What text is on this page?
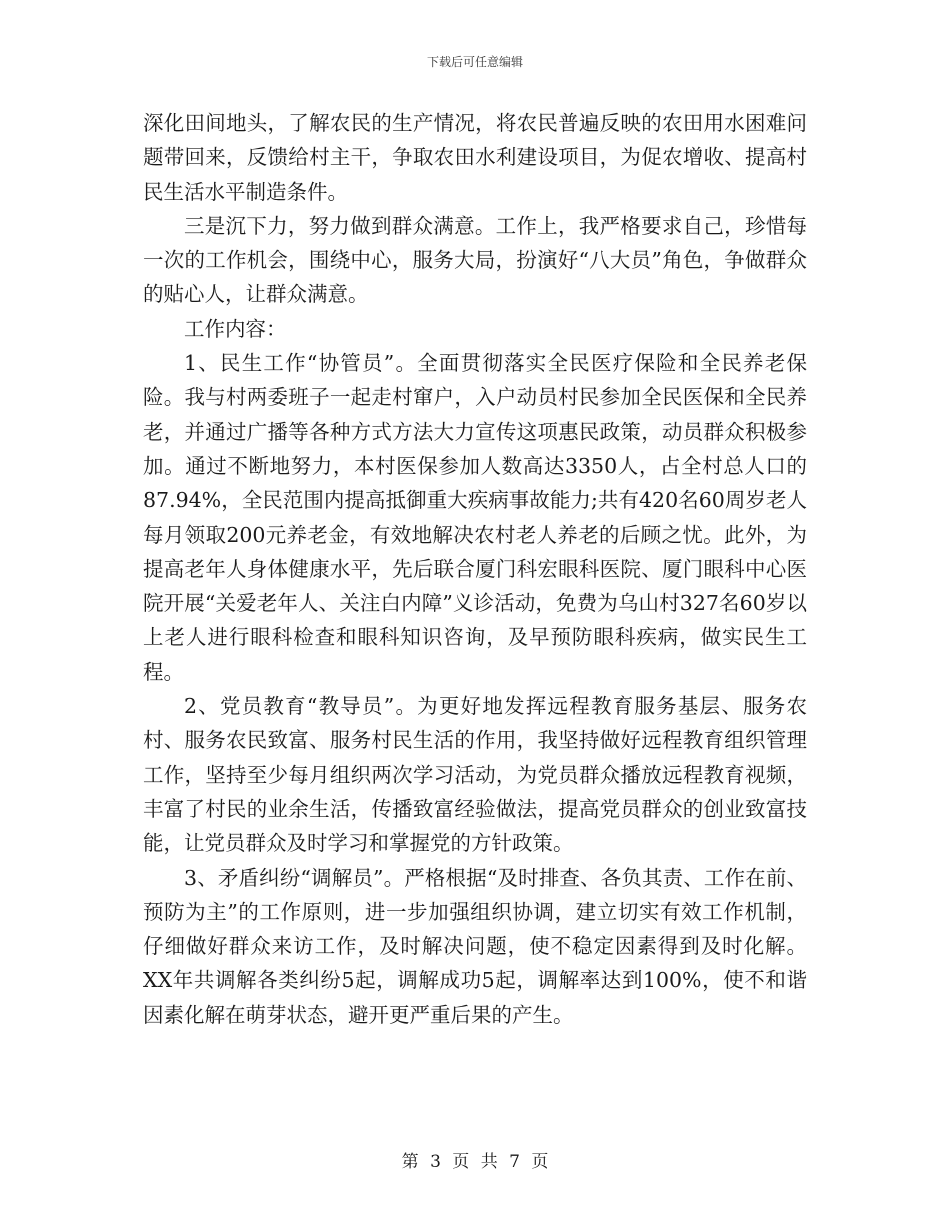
下载后可任意编辑

深化田间地头，了解农民的生产情况，将农民普遍反映的农田用水困难问题带回来，反馈给村主干，争取农田水利建设项目，为促农增收、提高村民生活水平制造条件。

三是沉下力，努力做到群众满意。工作上，我严格要求自己，珍惜每一次的工作机会，围绕中心，服务大局，扮演好“八大员”角色，争做群众的贴心人，让群众满意。

工作内容：

1、民生工作“协管员”。全面贯彻落实全民医疗保险和全民养老保险。我与村两委班子一起走村窜户，入户动员村民参加全民医保和全民养老，并通过广播等各种方式方法大力宣传这项惠民政策，动员群众积极参加。通过不断地努力，本村医保参加人数高达3350人，占全村总人口的87.94%，全民范围内提高抵御重大疾病事故能力;共有420名60周岁老人每月领取200元养老金，有效地解决农村老人养老的后顾之忧。此外，为提高老年人身体健康水平，先后联合厦门科宏眼科医院、厦门眼科中心医院开展“关爱老年人、关注白内障”义诊活动，免费为乌山村327名60岁以上老人进行眼科检查和眼科知识咨询，及早预防眼科疾病，做实民生工程。

2、党员教育“教导员”。为更好地发挥远程教育服务基层、服务农村、服务农民致富、服务村民生活的作用，我坚持做好远程教育组织管理工作，坚持至少每月组织两次学习活动，为党员群众播放远程教育视频，丰富了村民的业余生活，传播致富经验做法，提高党员群众的创业致富技能，让党员群众及时学习和掌握党的方针政策。

3、矛盾纠纷“调解员”。严格根据“及时排查、各负其责、工作在前、预防为主”的工作原则，进一步加强组织协调，建立切实有效工作机制，仔细做好群众来访工作，及时解决问题，使不稳定因素得到及时化解。XX年共调解各类纠纷5起，调解成功5起，调解率达到100%，使不和谐因素化解在萌芽状态，避开更严重后果的产生。

第 3 页 共 7 页
